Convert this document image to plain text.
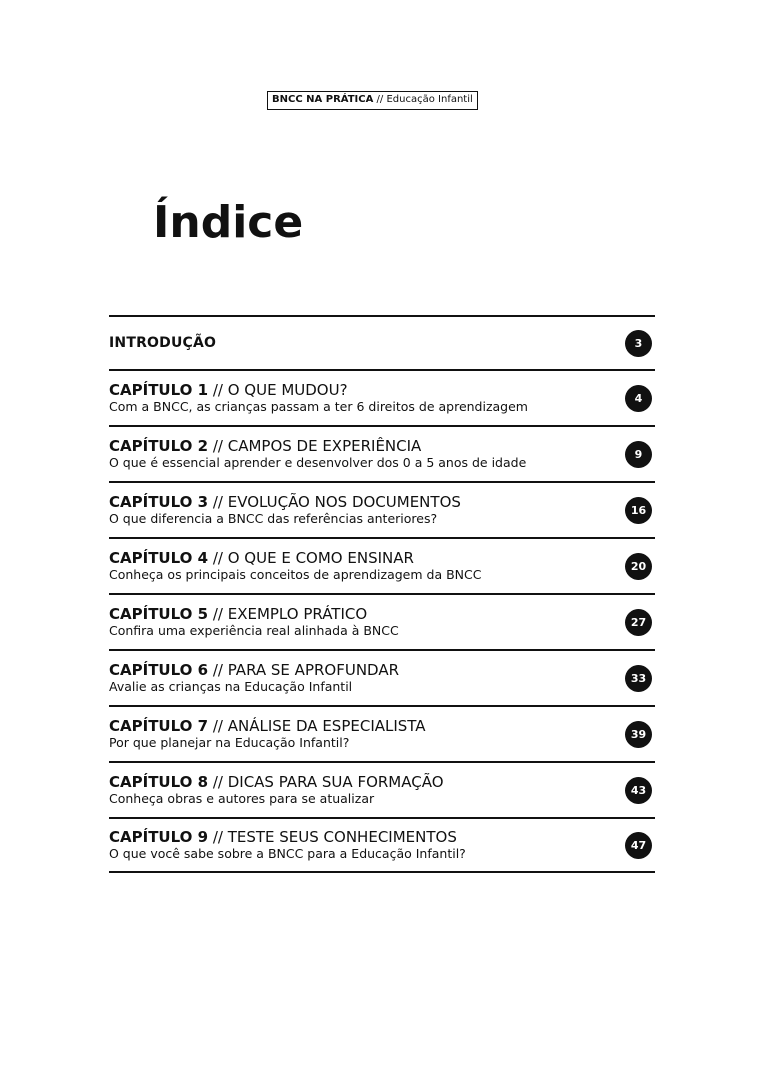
BNCC NA PRÁTICA // Educação Infantil
Índice
INTRODUÇÃO	3
CAPÍTULO 1 // O QUE MUDOU?
Com a BNCC, as crianças passam a ter 6 direitos de aprendizagem
4
CAPÍTULO 2 // CAMPOS DE EXPERIÊNCIA
O que é essencial aprender e desenvolver dos 0 a 5 anos de idade
9
CAPÍTULO 3 // EVOLUÇÃO NOS DOCUMENTOS
O que diferencia a BNCC das referências anteriores?
16
CAPÍTULO 4 // O QUE E COMO ENSINAR
Conheça os principais conceitos de aprendizagem da BNCC
20
CAPÍTULO 5 // EXEMPLO PRÁTICO
Confira uma experiência real alinhada à BNCC
27
CAPÍTULO 6 // PARA SE APROFUNDAR
Avalie as crianças na Educação Infantil
33
CAPÍTULO 7 // ANÁLISE DA ESPECIALISTA
Por que planejar na Educação Infantil?
39
CAPÍTULO 8 // DICAS PARA SUA FORMAÇÃO
Conheça obras e autores para se atualizar
43
CAPÍTULO 9 // TESTE SEUS CONHECIMENTOS
O que você sabe sobre a BNCC para a Educação Infantil?
47
